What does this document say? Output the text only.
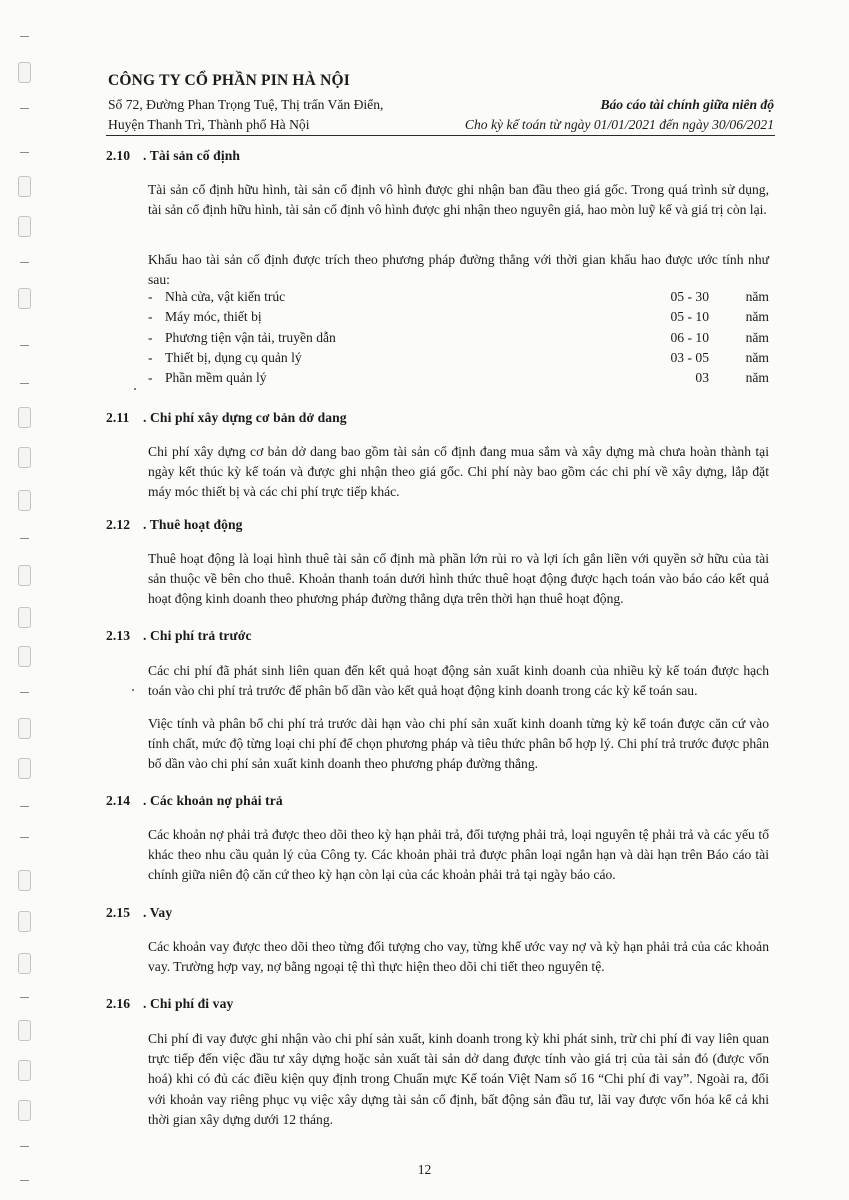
CÔNG TY CỔ PHẦN PIN HÀ NỘI
Số 72, Đường Phan Trọng Tuệ, Thị trấn Văn Điển,
Huyện Thanh Trì, Thành phố Hà Nội
Báo cáo tài chính giữa niên độ
Cho kỳ kế toán từ ngày 01/01/2021 đến ngày 30/06/2021
2.10 . Tài sản cố định

Tài sản cố định hữu hình, tài sản cố định vô hình được ghi nhận ban đầu theo giá gốc. Trong quá trình sử dụng, tài sản cố định hữu hình, tài sản cố định vô hình được ghi nhận theo nguyên giá, hao mòn luỹ kế và giá trị còn lại.

Khấu hao tài sản cố định được trích theo phương pháp đường thẳng với thời gian khấu hao được ước tính như sau:

- Nhà cửa, vật kiến trúc	05 - 30	năm
- Máy móc, thiết bị	05 - 10	năm
- Phương tiện vận tải, truyền dẫn	06 - 10	năm
- Thiết bị, dụng cụ quản lý	03 - 05	năm
- Phần mềm quản lý	03	năm
2.11 . Chi phí xây dựng cơ bản dở dang

Chi phí xây dựng cơ bản dở dang bao gồm tài sản cố định đang mua sắm và xây dựng mà chưa hoàn thành tại ngày kết thúc kỳ kế toán và được ghi nhận theo giá gốc. Chi phí này bao gồm các chi phí về xây dựng, lắp đặt máy móc thiết bị và các chi phí trực tiếp khác.

2.12 . Thuê hoạt động

Thuê hoạt động là loại hình thuê tài sản cố định mà phần lớn rủi ro và lợi ích gắn liền với quyền sở hữu của tài sản thuộc về bên cho thuê. Khoản thanh toán dưới hình thức thuê hoạt động được hạch toán vào báo cáo kết quả hoạt động kinh doanh theo phương pháp đường thẳng dựa trên thời hạn thuê hoạt động.

2.13 . Chi phí trả trước

Các chi phí đã phát sinh liên quan đến kết quả hoạt động sản xuất kinh doanh của nhiều kỳ kế toán được hạch toán vào chi phí trả trước để phân bổ dần vào kết quả hoạt động kinh doanh trong các kỳ kế toán sau.

Việc tính và phân bổ chi phí trả trước dài hạn vào chi phí sản xuất kinh doanh từng kỳ kế toán được căn cứ vào tính chất, mức độ từng loại chi phí để chọn phương pháp và tiêu thức phân bổ hợp lý. Chi phí trả trước được phân bổ dần vào chi phí sản xuất kinh doanh theo phương pháp đường thẳng.

2.14 . Các khoản nợ phải trả

Các khoản nợ phải trả được theo dõi theo kỳ hạn phải trả, đối tượng phải trả, loại nguyên tệ phải trả và các yếu tố khác theo nhu cầu quản lý của Công ty. Các khoản phải trả được phân loại ngắn hạn và dài hạn trên Báo cáo tài chính giữa niên độ căn cứ theo kỳ hạn còn lại của các khoản phải trả tại ngày báo cáo.

2.15 . Vay

Các khoản vay được theo dõi theo từng đối tượng cho vay, từng khế ước vay nợ và kỳ hạn phải trả của các khoản vay. Trường hợp vay, nợ bằng ngoại tệ thì thực hiện theo dõi chi tiết theo nguyên tệ.

2.16 . Chi phí đi vay

Chi phí đi vay được ghi nhận vào chi phí sản xuất, kinh doanh trong kỳ khi phát sinh, trừ chi phí đi vay liên quan trực tiếp đến việc đầu tư xây dựng hoặc sản xuất tài sản dở dang được tính vào giá trị của tài sản đó (được vốn hoá) khi có đủ các điều kiện quy định trong Chuẩn mực Kế toán Việt Nam số 16 “Chi phí đi vay”. Ngoài ra, đối với khoản vay riêng phục vụ việc xây dựng tài sản cố định, bất động sản đầu tư, lãi vay được vốn hóa kể cả khi thời gian xây dựng dưới 12 tháng.

12
